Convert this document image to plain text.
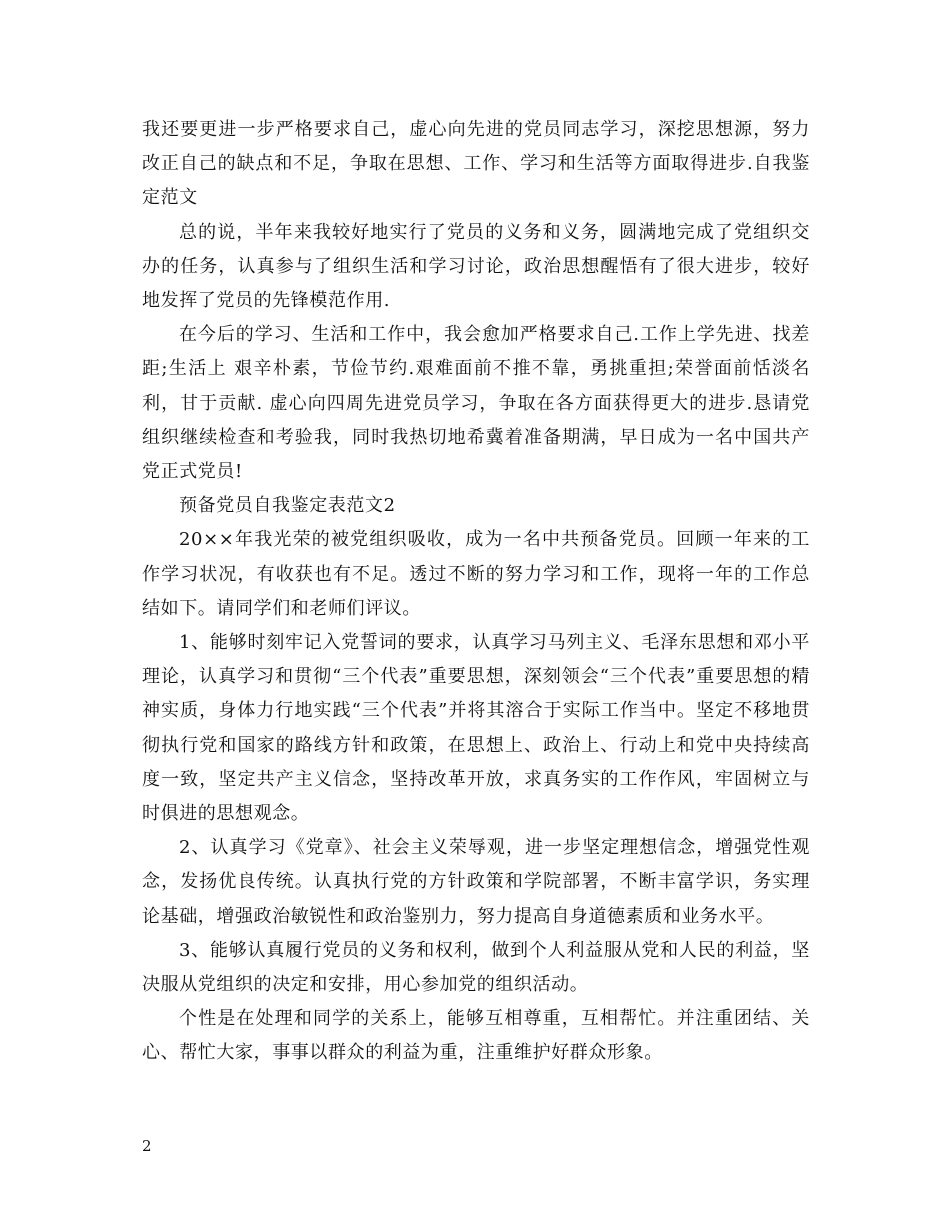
我还要更进一步严格要求自己，虚心向先进的党员同志学习，深挖思想源，努力改正自己的缺点和不足，争取在思想、工作、学习和生活等方面取得进步.自我鉴定范文

总的说，半年来我较好地实行了党员的义务和义务，圆满地完成了党组织交办的任务，认真参与了组织生活和学习讨论，政治思想醒悟有了很大进步，较好地发挥了党员的先锋模范作用.

在今后的学习、生活和工作中，我会愈加严格要求自己.工作上学先进、找差距;生活上 艰辛朴素，节俭节约.艰难面前不推不靠，勇挑重担;荣誉面前恬淡名利，甘于贡献. 虚心向四周先进党员学习，争取在各方面获得更大的进步.恳请党组织继续检查和考验我，同时我热切地希冀着准备期满，早日成为一名中国共产党正式党员!

预备党员自我鉴定表范文2

20××年我光荣的被党组织吸收，成为一名中共预备党员。回顾一年来的工作学习状况，有收获也有不足。透过不断的努力学习和工作，现将一年的工作总结如下。请同学们和老师们评议。

1、能够时刻牢记入党誓词的要求，认真学习马列主义、毛泽东思想和邓小平理论，认真学习和贯彻“三个代表”重要思想，深刻领会“三个代表”重要思想的精神实质，身体力行地实践“三个代表”并将其溶合于实际工作当中。坚定不移地贯彻执行党和国家的路线方针和政策，在思想上、政治上、行动上和党中央持续高度一致，坚定共产主义信念，坚持改革开放，求真务实的工作作风，牢固树立与时俱进的思想观念。

2、认真学习《党章》、社会主义荣辱观，进一步坚定理想信念，增强党性观念，发扬优良传统。认真执行党的方针政策和学院部署，不断丰富学识，务实理论基础，增强政治敏锐性和政治鉴别力，努力提高自身道德素质和业务水平。

3、能够认真履行党员的义务和权利，做到个人利益服从党和人民的利益，坚决服从党组织的决定和安排，用心参加党的组织活动。

个性是在处理和同学的关系上，能够互相尊重，互相帮忙。并注重团结、关心、帮忙大家，事事以群众的利益为重，注重维护好群众形象。

2
